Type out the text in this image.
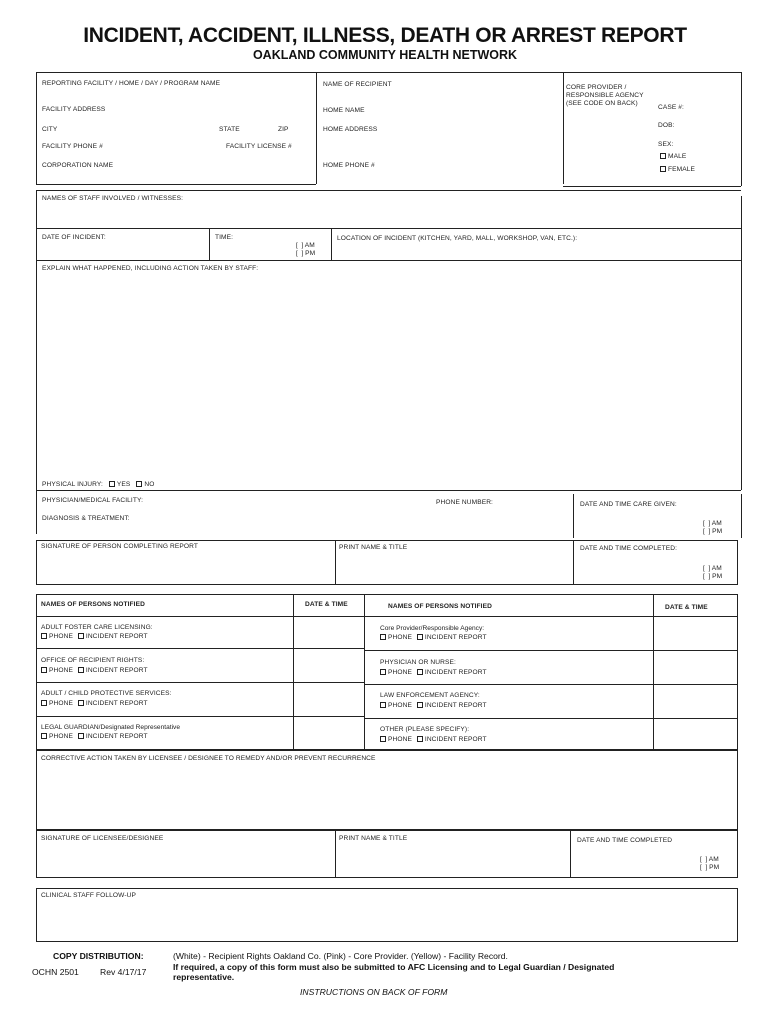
INCIDENT, ACCIDENT, ILLNESS, DEATH OR ARREST REPORT
OAKLAND COMMUNITY HEALTH NETWORK
REPORTING FACILITY / HOME / DAY / PROGRAM NAME
FACILITY ADDRESS
CITY	STATE	ZIP
FACILITY PHONE #	FACILITY LICENSE #
CORPORATION NAME
NAME OF RECIPIENT
HOME NAME
HOME ADDRESS
HOME PHONE #
CORE PROVIDER /
RESPONSIBLE AGENCY
(SEE CODE ON BACK)
CASE #:
DOB:
SEX:
MALE
FEMALE
NAMES OF STAFF INVOLVED / WITNESSES:
DATE OF INCIDENT:	TIME:
[  ] AM
[  ] PM
LOCATION OF INCIDENT (KITCHEN, YARD, MALL, WORKSHOP, VAN, ETC.):
EXPLAIN WHAT HAPPENED, INCLUDING ACTION TAKEN BY STAFF:
PHYSICAL INJURY: YES NO
PHYSICIAN/MEDICAL FACILITY:	PHONE NUMBER:	DATE AND TIME CARE GIVEN:
DIAGNOSIS & TREATMENT:
[  ] AM
[  ] PM
SIGNATURE OF PERSON COMPLETING REPORT	PRINT NAME & TITLE	DATE AND TIME COMPLETED:
[  ] AM
[  ] PM
NAMES OF PERSONS NOTIFIED	DATE & TIME	NAMES OF PERSONS NOTIFIED	DATE & TIME
ADULT FOSTER CARE LICENSING:
PHONE INCIDENT REPORT
OFFICE OF RECIPIENT RIGHTS:
PHONE INCIDENT REPORT
ADULT / CHILD PROTECTIVE SERVICES:
PHONE INCIDENT REPORT
LEGAL GUARDIAN/Designated Representative
PHONE INCIDENT REPORT
Core Provider/Responsible Agency:
PHONE INCIDENT REPORT
PHYSICIAN OR NURSE:
PHONE INCIDENT REPORT
LAW ENFORCEMENT AGENCY:
PHONE INCIDENT REPORT
OTHER (PLEASE SPECIFY):
PHONE INCIDENT REPORT
CORRECTIVE ACTION TAKEN BY LICENSEE / DESIGNEE TO REMEDY AND/OR PREVENT RECURRENCE
SIGNATURE OF LICENSEE/DESIGNEE	PRINT NAME & TITLE	DATE AND TIME COMPLETED
[  ] AM
[  ] PM
CLINICAL STAFF FOLLOW-UP
COPY DISTRIBUTION:	(White) - Recipient Rights Oakland Co. (Pink) - Core Provider. (Yellow) - Facility Record.
If required, a copy of this form must also be submitted to AFC Licensing and to Legal Guardian / Designated
representative.
OCHN 2501 Rev 4/17/17
INSTRUCTIONS ON BACK OF FORM
